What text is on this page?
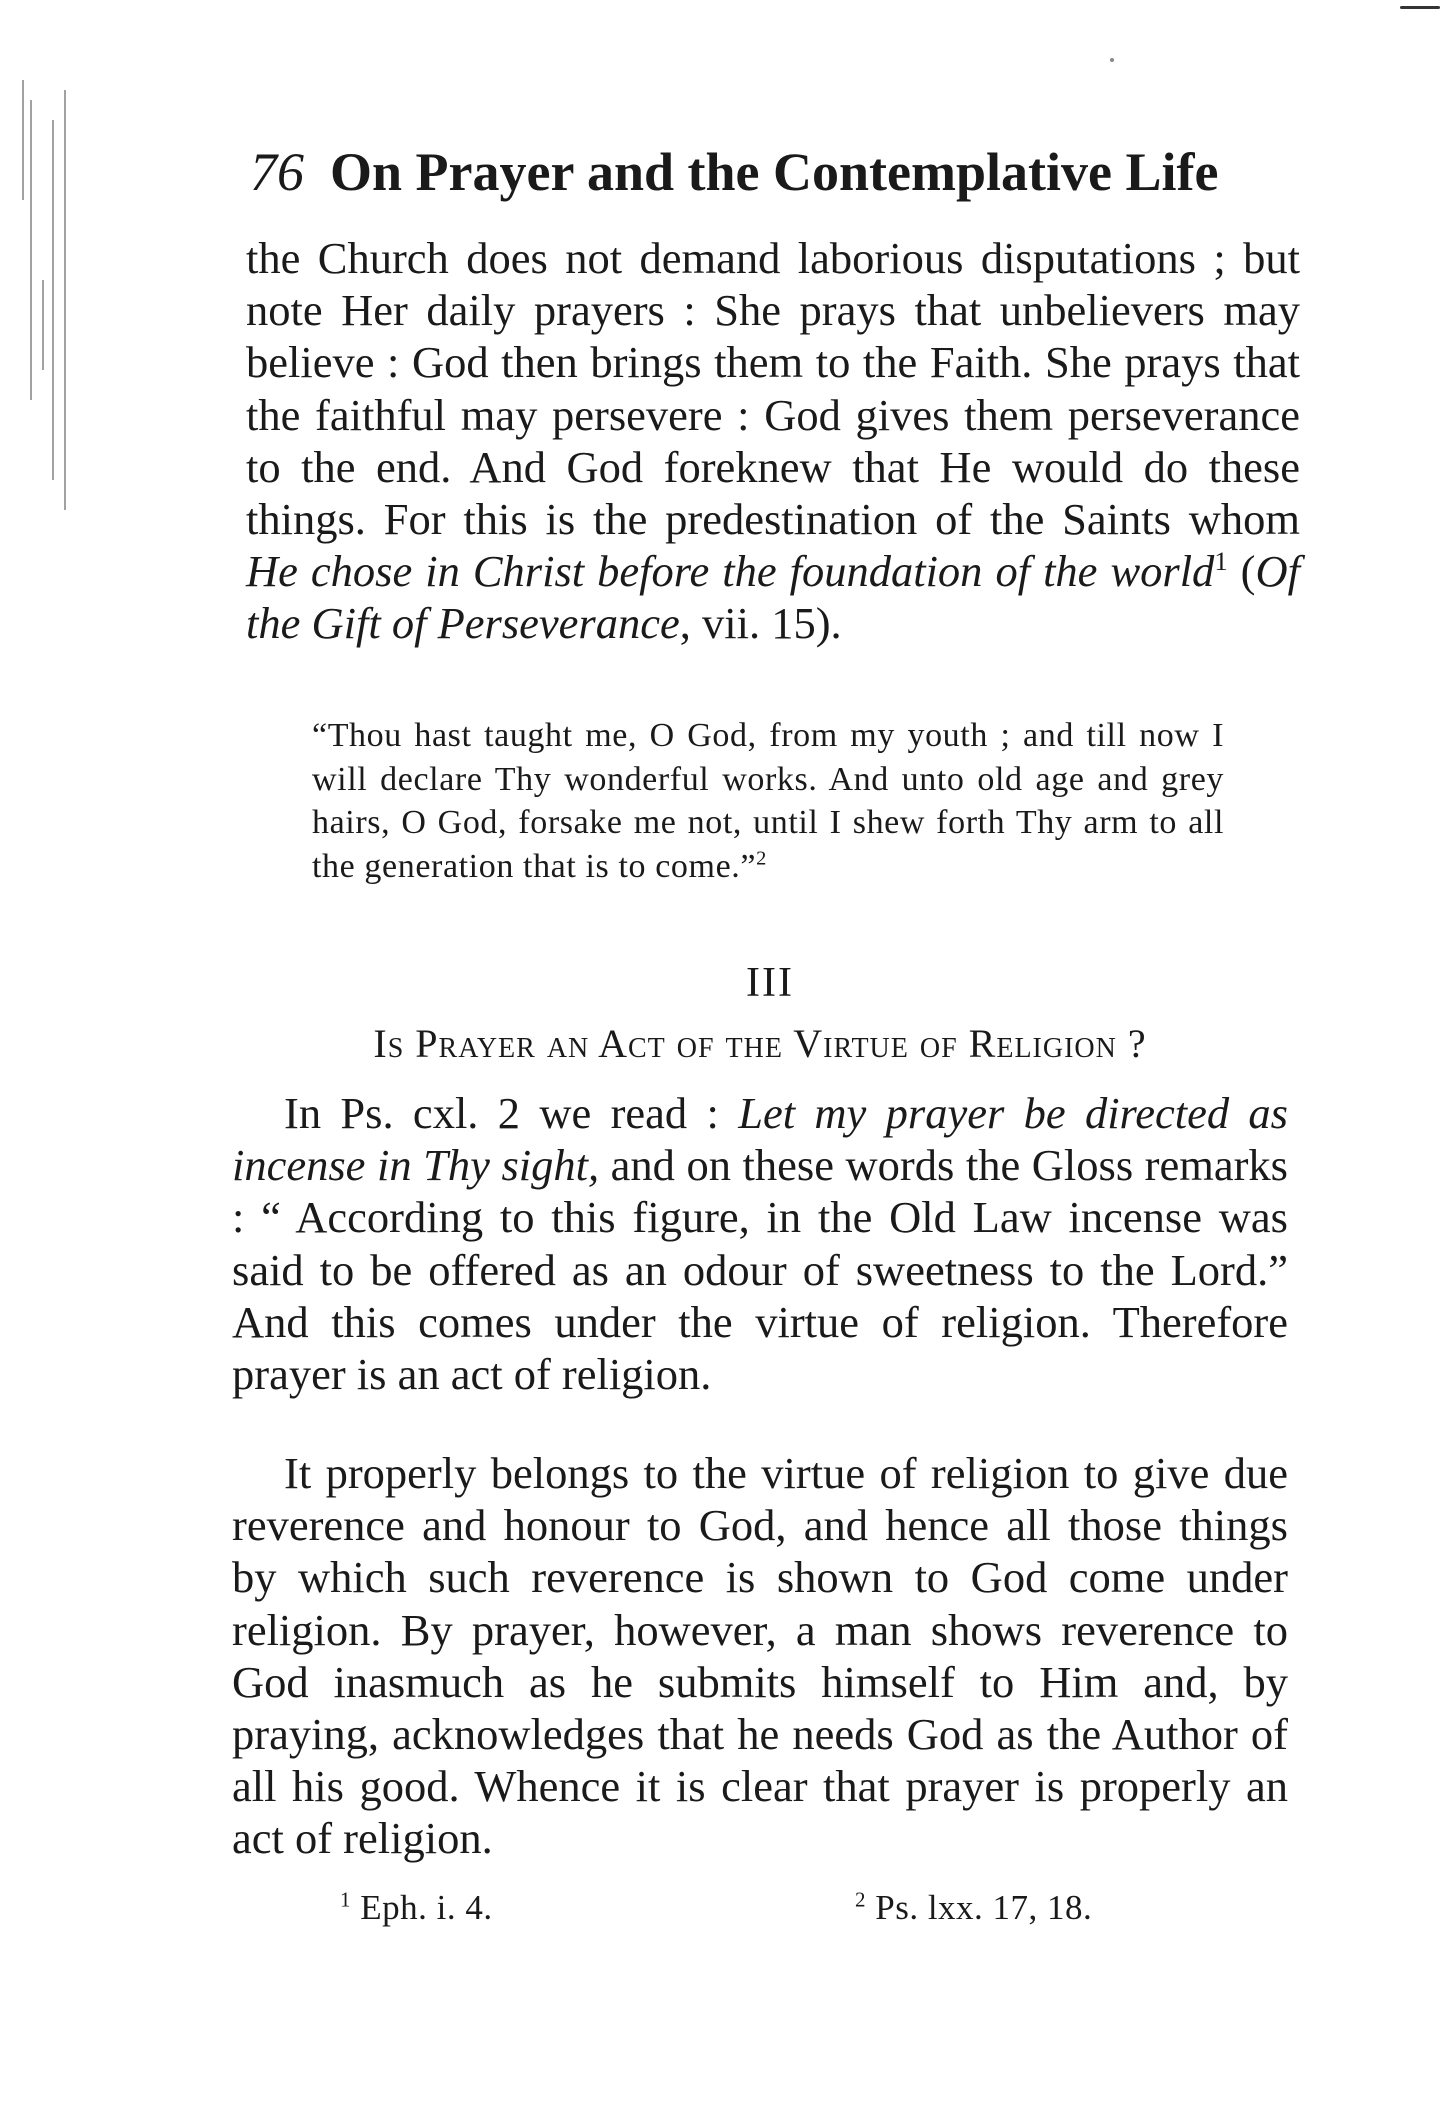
76 On Prayer and the Contemplative Life
the Church does not demand laborious disputations ; but note Her daily prayers : She prays that unbelievers may believe : God then brings them to the Faith. She prays that the faithful may persevere : God gives them perseverance to the end. And God foreknew that He would do these things. For this is the predestination of the Saints whom He chose in Christ before the foundation of the world$^1$ (Of the Gift of Perseverance, vii. 15).
“Thou hast taught me, O God, from my youth ; and till now I will declare Thy wonderful works. And unto old age and grey hairs, O God, forsake me not, until I shew forth Thy arm to all the generation that is to come.”$^2$
III
Is Prayer an Act of the Virtue of Religion ?
In Ps. cxl. 2 we read : Let my prayer be directed as incense in Thy sight, and on these words the Gloss remarks : “ According to this figure, in the Old Law incense was said to be offered as an odour of sweetness to the Lord.” And this comes under the virtue of religion. Therefore prayer is an act of religion.
It properly belongs to the virtue of religion to give due reverence and honour to God, and hence all those things by which such reverence is shown to God come under religion. By prayer, however, a man shows reverence to God inasmuch as he submits himself to Him and, by praying, acknowledges that he needs God as the Author of all his good. Whence it is clear that prayer is properly an act of religion.
$^1$ Eph. i. 4.	$^2$ Ps. lxx. 17, 18.
